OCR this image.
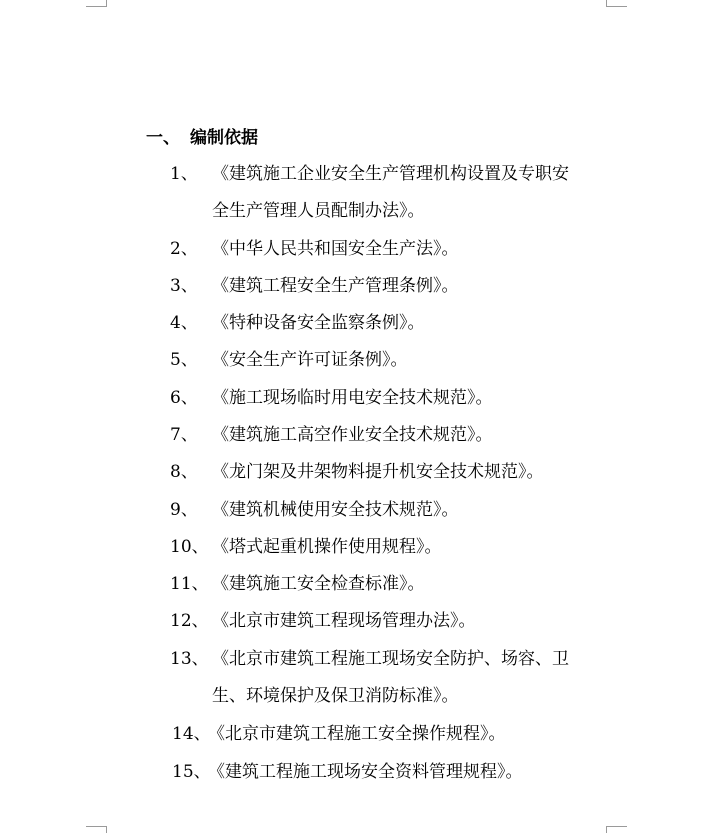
一、 编制依据
1、 《建筑施工企业安全生产管理机构设置及专职安
全生产管理人员配制办法》。
2、 《中华人民共和国安全生产法》。
3、 《建筑工程安全生产管理条例》。
4、 《特种设备安全监察条例》。
5、 《安全生产许可证条例》。
6、 《施工现场临时用电安全技术规范》。
7、 《建筑施工高空作业安全技术规范》。
8、 《龙门架及井架物料提升机安全技术规范》。
9、 《建筑机械使用安全技术规范》。
10、 《塔式起重机操作使用规程》。
11、 《建筑施工安全检查标准》。
12、 《北京市建筑工程现场管理办法》。
13、 《北京市建筑工程施工现场安全防护、场容、卫
生、环境保护及保卫消防标准》。
14、
《北京市建筑工程施工安全操作规程》。
15、
《建筑工程施工现场安全资料管理规程》。
